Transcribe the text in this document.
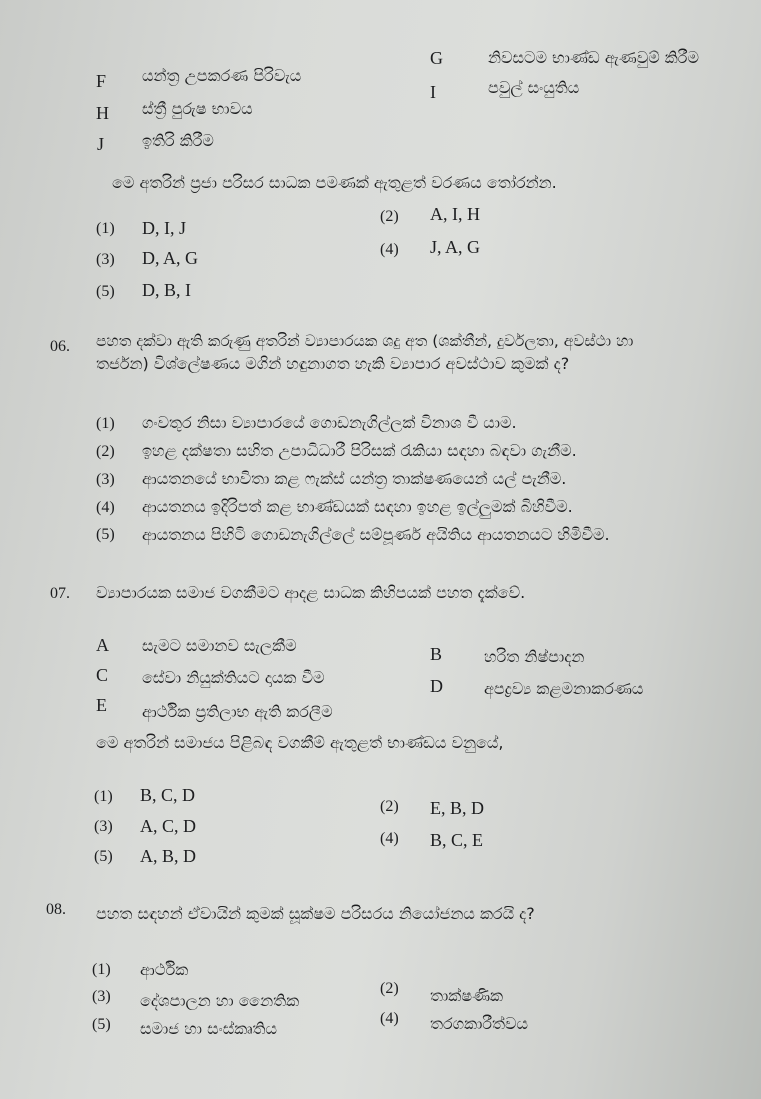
G	නිවසටම භාණ්ඩ ඇණවුම් කිරීම
F යන්ත්‍ර උපකරණ පිරිවැය
I	පවුල් සංයුතිය
H ස්ත්‍රී පුරුෂ භාවය
J ඉතිරි කිරීම
මෙ අතරින් ප්‍රජා පරිසර සාධක පමණක් ඇතුළත් වරණය තෝරන්න.
(1) D, I, J
(2) A, I, H
(3) D, A, G	(4) J, A, G
(5) D, B, I
06. පහත දක්වා ඇති කරුණු අතරින් ව්‍යාපාරයක ශදු අත (ශක්තීන්, දුර්වලතා, අවස්ථා හා
තර්ජන) විශ්ලේෂණය මගින් හඳුනාගත හැකි ව්‍යාපාර අවස්ථාව කුමක් ද?
(1) ගංවතුර නිසා ව්‍යාපාරයේ ගොඩනැගිල්ලක් විනාශ වී යාම.
(2) ඉහළ දක්ෂතා සහිත උපාධිධාරී පිරිසක් රැකියා සඳහා බඳවා ගැනීම.
(3) ආයතනයේ භාවිතා කළ ෆැක්ස් යන්ත්‍ර තාක්ෂණයෙන් යල් පැනීම.
(4) ආයතනය ඉදිරිපත් කළ භාණ්ඩයක් සඳහා ඉහළ ඉල්ලුමක් බිහිවීම.
(5) ආයතනය පිහිටි ගොඩනැගිල්ලේ සම්පූර්ණ අයිතිය ආයතනයට හිමිවීම.
07. ව්‍යාපාරයක සමාජ වගකීමට ආදළ සාධක කිහිපයක් පහත දැක්වේ.
A සැමට සමානව සැලකීම	B	හරිත නිෂ්පාදන
C සේවා නියුක්තියට දායක වීම	D	අපද්‍රව්‍ය කළමනාකරණය
E ආර්ථික ප්‍රතිලාභ ඇති කරලීම
මෙ අතරින් සමාජය පිළිබඳ වගකීම් ඇතුළත් භාණ්ඩය වනුයේ,
(1) B, C, D
(2) E, B, D
(3) A, C, D
(4) B, C, E
(5) A, B, D
08. පහත සඳහන් ඒවායින් කුමක් සූක්ෂම පරිසරය නියෝජනය කරයි ද?
(1) ආර්ථික
(2) තාක්ෂණික
(3) දේශපාලන හා නෛතික
(4) තරගකාරීත්වය
(5) සමාජ හා සංස්කෘතිය
